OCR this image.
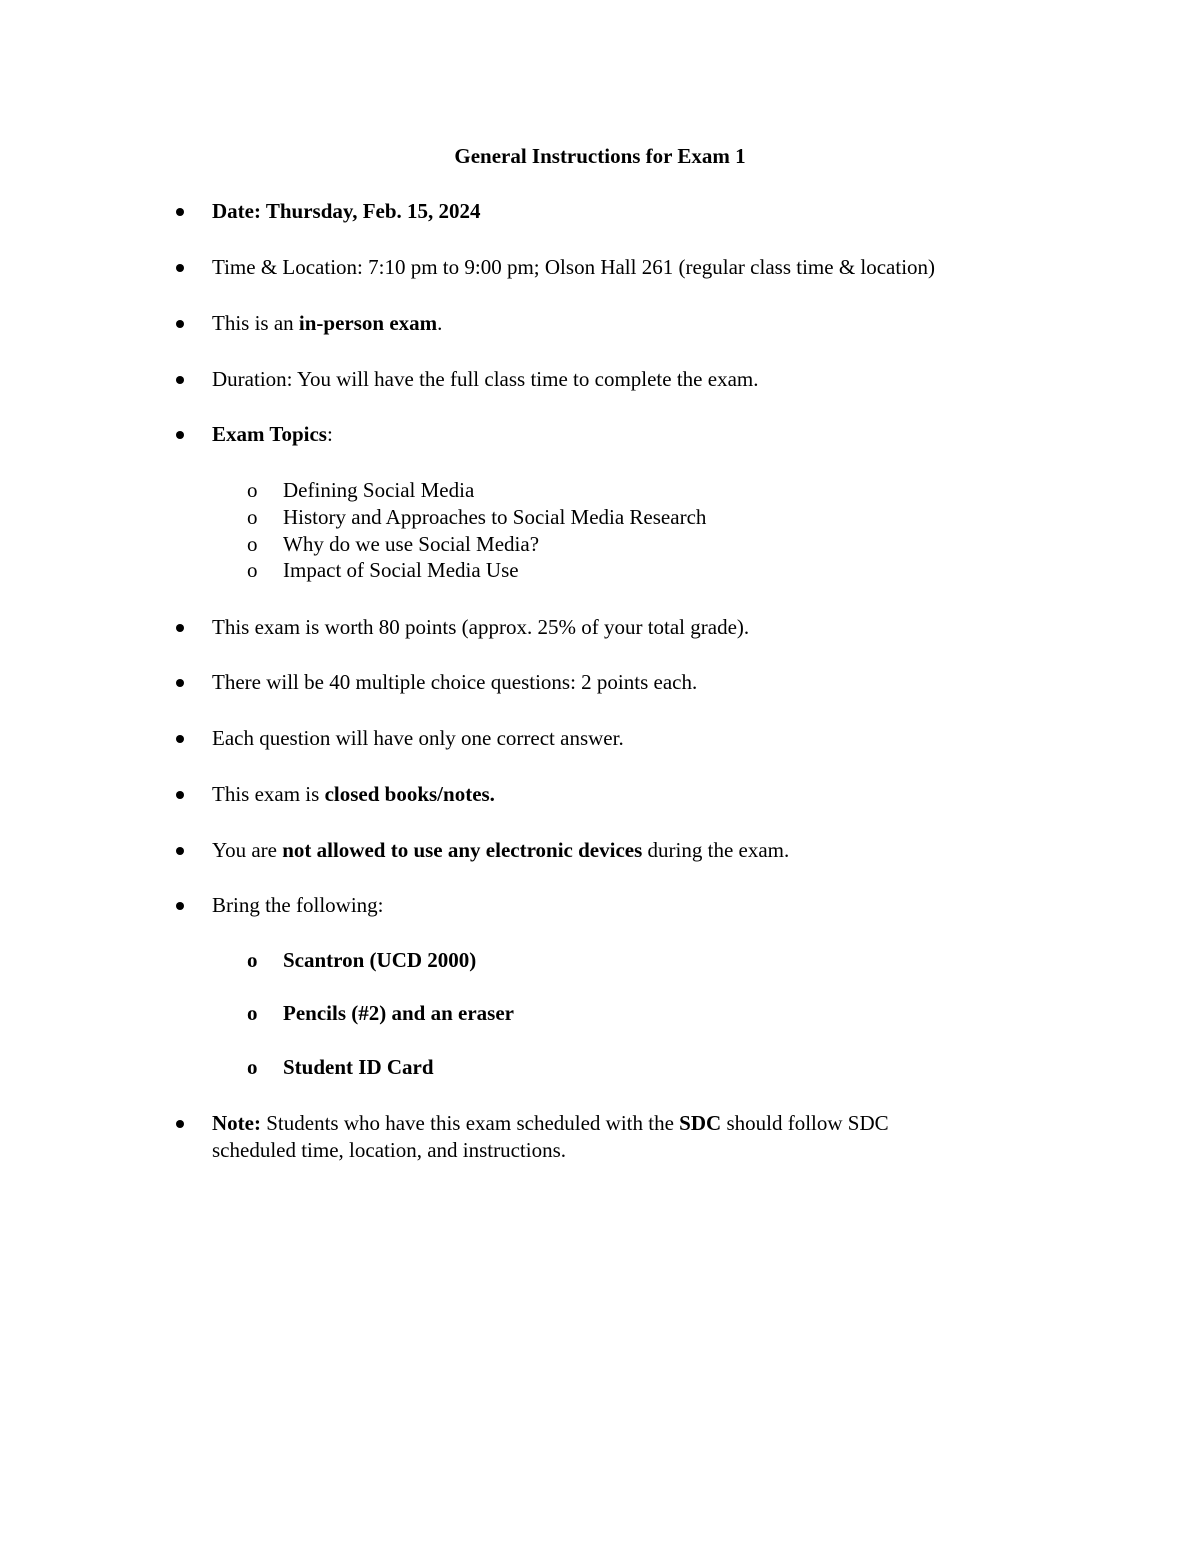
General Instructions for Exam 1
Date: Thursday, Feb. 15, 2024
Time & Location: 7:10 pm to 9:00 pm; Olson Hall 261 (regular class time & location)
This is an in-person exam.
Duration: You will have the full class time to complete the exam.
Exam Topics:
o Defining Social Media
o History and Approaches to Social Media Research
o Why do we use Social Media?
o Impact of Social Media Use
This exam is worth 80 points (approx. 25% of your total grade).
There will be 40 multiple choice questions: 2 points each.
Each question will have only one correct answer.
This exam is closed books/notes.
You are not allowed to use any electronic devices during the exam.
Bring the following:
o Scantron (UCD 2000)
o Pencils (#2) and an eraser
o Student ID Card
Note: Students who have this exam scheduled with the SDC should follow SDC
scheduled time, location, and instructions.
